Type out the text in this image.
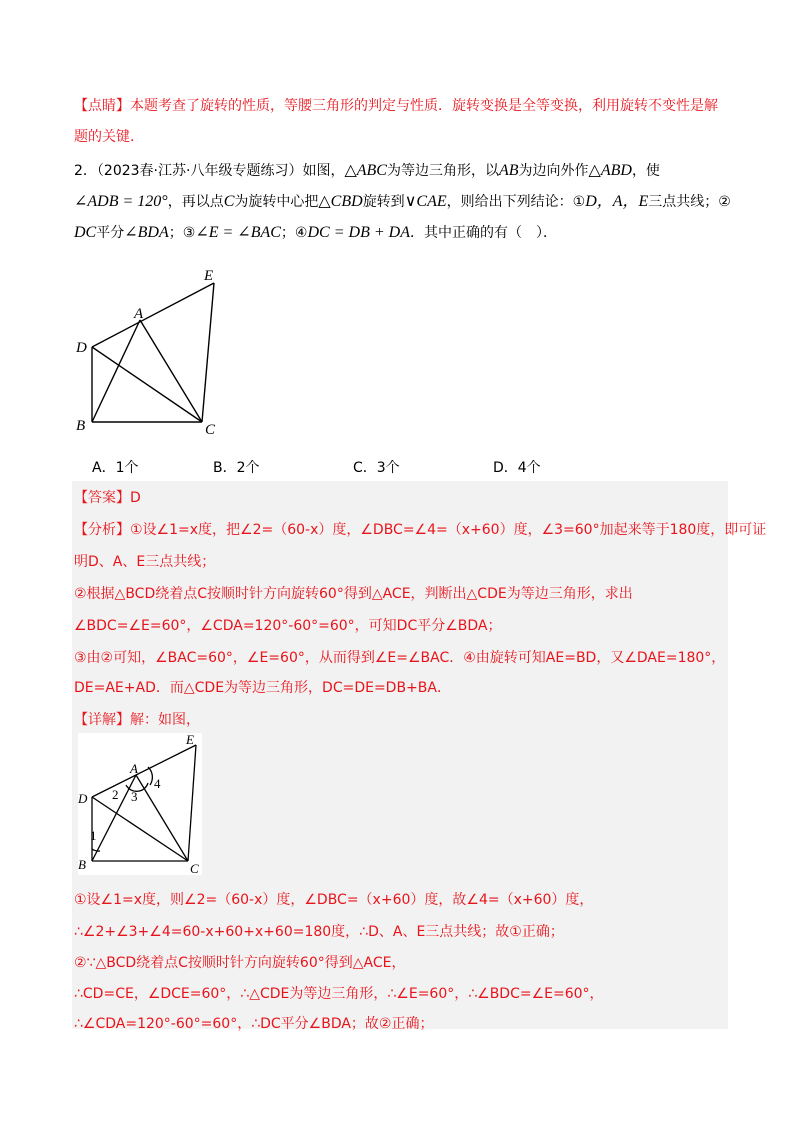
【点睛】本题考查了旋转的性质，等腰三角形的判定与性质．旋转变换是全等变换，利用旋转不变性是解
题的关键．
2．（2023春·江苏·八年级专题练习）如图，△ABC为等边三角形，以AB为边向外作△ABD，使
∠ADB = 120°，再以点C为旋转中心把△CBD旋转到∨CAE，则给出下列结论：①D，A，E三点共线；②
DC平分∠BDA；③∠E = ∠BAC；④DC = DB + DA．其中正确的有（　）．
D
A
E
B	C
A．1个	B．2个	C．3个	D．4个
【答案】D
【分析】①设∠1=x度，把∠2=（60-x）度，∠DBC=∠4=（x+60）度，∠3=60°加起来等于180度，即可证
明D、A、E三点共线；
②根据△BCD绕着点C按顺时针方向旋转60°得到△ACE，判断出△CDE为等边三角形，求出
∠BDC=∠E=60°，∠CDA=120°-60°=60°，可知DC平分∠BDA；
③由②可知，∠BAC=60°，∠E=60°，从而得到∠E=∠BAC．④由旋转可知AE=BD，又∠DAE=180°，
DE=AE+AD．而△CDE为等边三角形，DC=DE=DB+BA．
【详解】解：如图，
D
A
E
B	C
1
2 3
4
①设∠1=x度，则∠2=（60-x）度，∠DBC=（x+60）度，故∠4=（x+60）度，
∴∠2+∠3+∠4=60-x+60+x+60=180度，∴D、A、E三点共线；故①正确；
②∵△BCD绕着点C按顺时针方向旋转60°得到△ACE，
∴CD=CE，∠DCE=60°，∴△CDE为等边三角形，∴∠E=60°，∴∠BDC=∠E=60°，
∴∠CDA=120°-60°=60°，∴DC平分∠BDA；故②正确；
